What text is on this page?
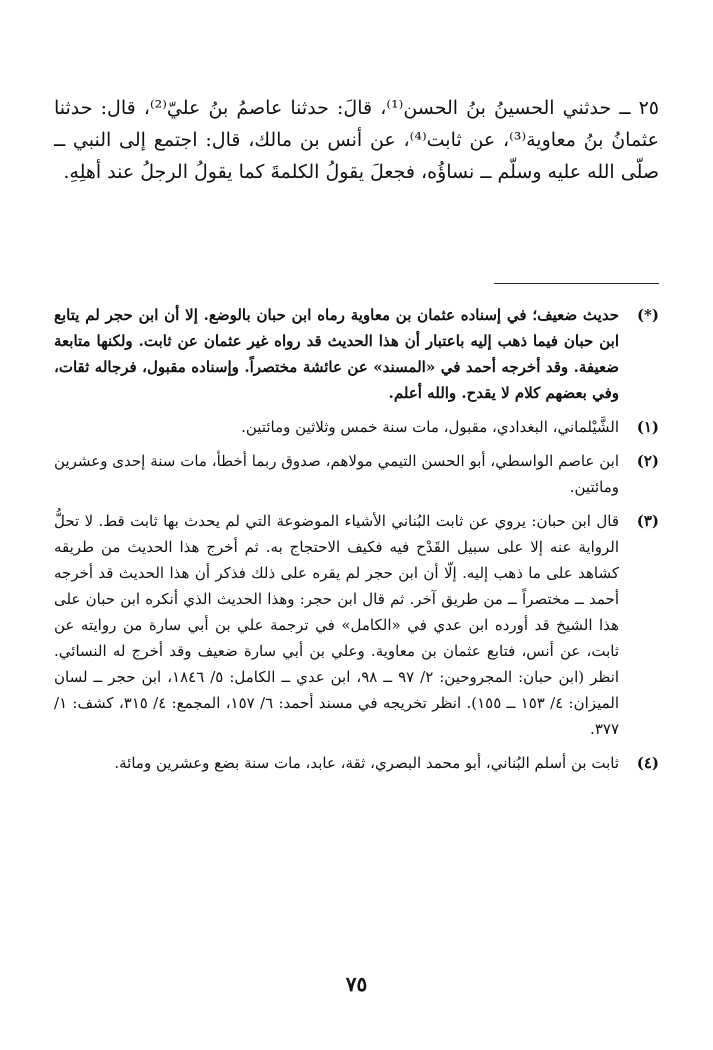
٢٥ ــ حدثني الحسينُ بنُ الحسن⁽¹⁾، قالَ: حدثنا عاصمُ بنُ عليّ⁽²⁾، قال: حدثنا عثمانُ بنُ معاوية⁽³⁾، عن ثابت⁽⁴⁾، عن أنس بن مالك، قال: اجتمع إلى النبي ــ صلّى الله عليه وسلّم ــ نساؤُه، فجعلَ يقولُ الكلمةَ كما يقولُ الرجلُ عند أهلِهِ.

(*)
حديث ضعيف؛ في إسناده عثمان بن معاوية رماه ابن حبان بالوضع. إلا أن ابن حجر لم يتابع ابن حبان فيما ذهب إليه باعتبار أن هذا الحديث قد رواه غير عثمان عن ثابت. ولكنها متابعة ضعيفة. وقد أخرجه أحمد في «المسند» عن عائشة مختصراً. وإسناده مقبول، فرجاله ثقات، وفي بعضهم كلام لا يقدح. والله أعلم.
(١)
الشَّيْلماني، البغدادي، مقبول، مات سنة خمس وثلاثين ومائتين.
(٢)
ابن عاصم الواسطي، أبو الحسن التيمي مولاهم، صدوق ربما أخطأ، مات سنة إحدى وعشرين ومائتين.
(٣)
قال ابن حبان: يروي عن ثابت البُناني الأشياء الموضوعة التي لم يحدث بها ثابت قط. لا تحلُّ الرواية عنه إلا على سبيل القَدْح فيه فكيف الاحتجاج به. ثم أخرج هذا الحديث من طريقه كشاهد على ما ذهب إليه. إلّا أن ابن حجر لم يقره على ذلك فذكر أن هذا الحديث قد أخرجه أحمد ــ مختصراً ــ من طريق آخر. ثم قال ابن حجر: وهذا الحديث الذي أنكره ابن حبان على هذا الشيخ قد أورده ابن عدي في «الكامل» في ترجمة علي بن أبي سارة من روايته عن ثابت، عن أنس، فتابع عثمان بن معاوية. وعلي بن أبي سارة ضعيف وقد أخرج له النسائي. انظر (ابن حبان: المجروحين: ٢/ ٩٧ ــ ٩٨، ابن عدي ــ الكامل: ٥/ ١٨٤٦، ابن حجر ــ لسان الميزان: ٤/ ١٥٣ ــ ١٥٥). انظر تخريجه في مسند أحمد: ٦/ ١٥٧، المجمع: ٤/ ٣١٥، كشف: ١/ ٣٧٧.
(٤)
ثابت بن أسلم البُناني، أبو محمد البصري، ثقة، عابد، مات سنة بضع وعشرين ومائة.
٧٥
